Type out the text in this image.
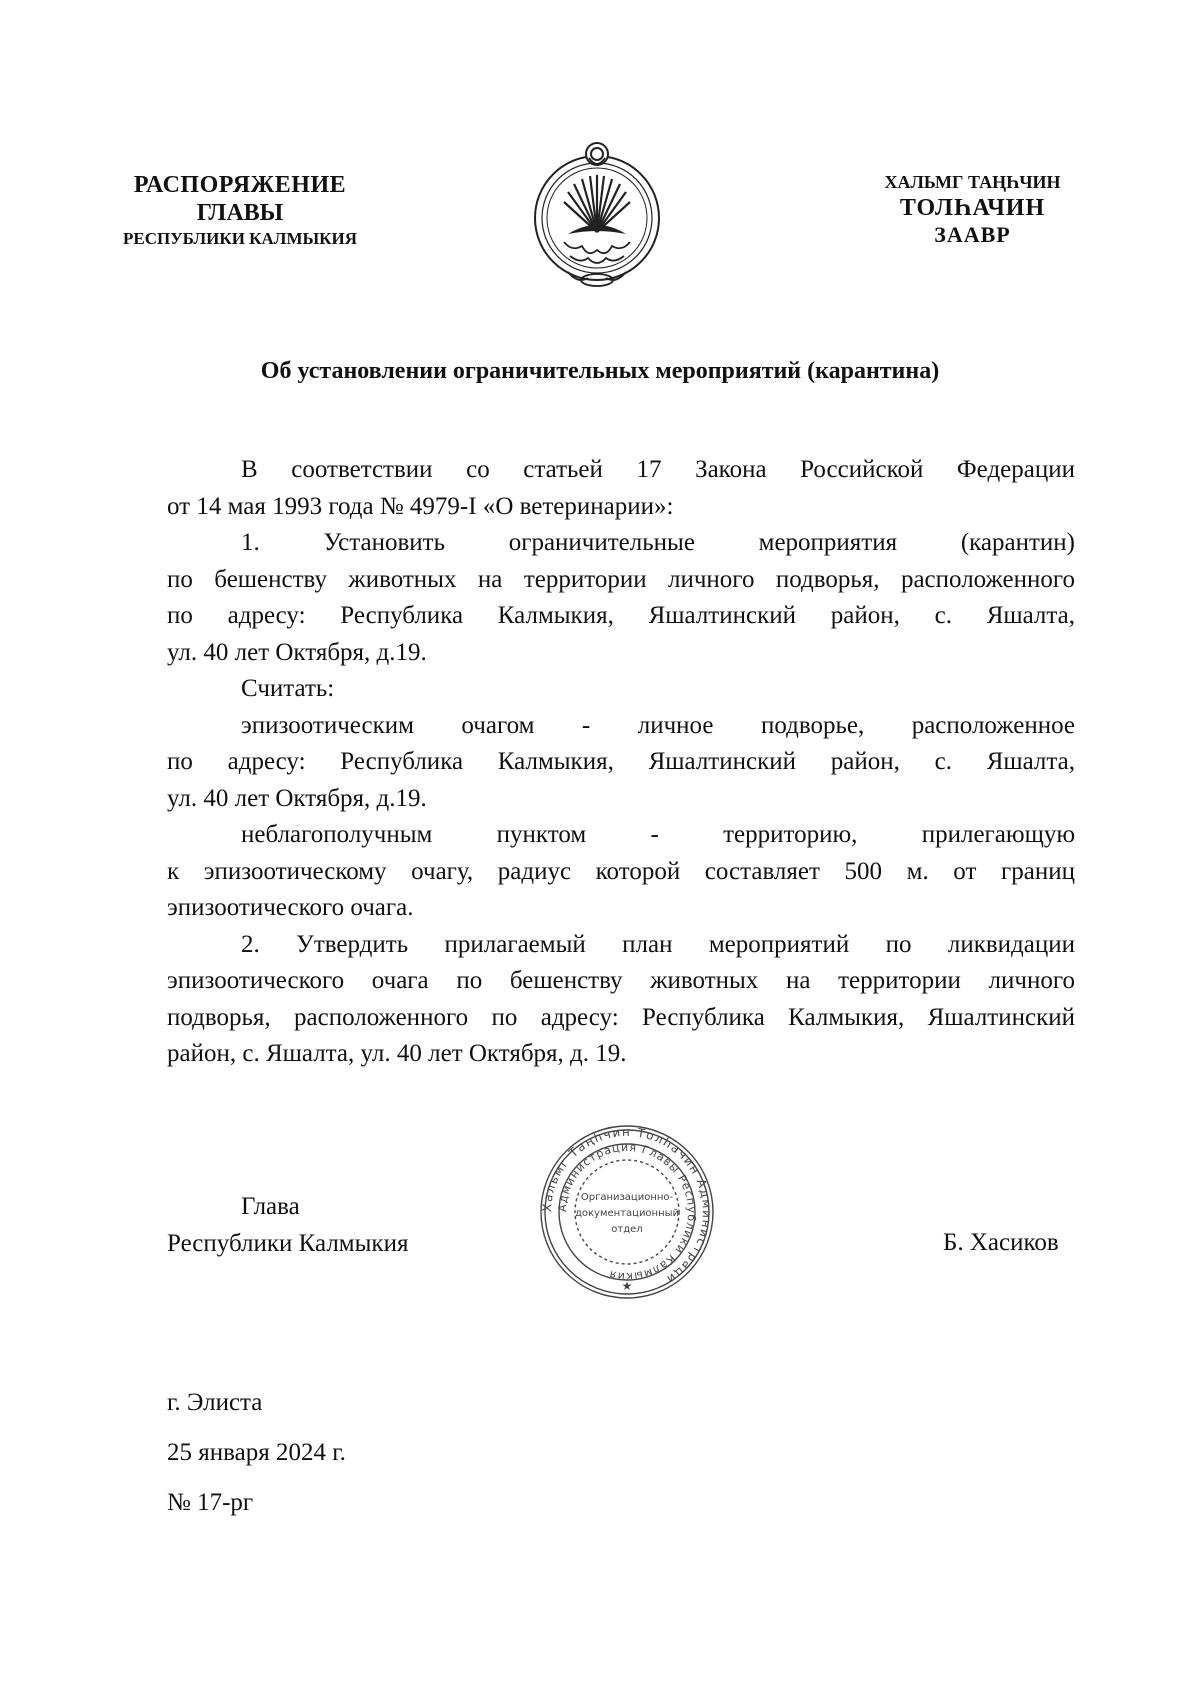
РАСПОРЯЖЕНИЕ
ГЛАВЫ
РЕСПУБЛИКИ КАЛМЫКИЯ
ХАЛЬМГ ТАҢҺЧИН
ТОЛҺАЧИН
ЗААВР
Об установлении ограничительных мероприятий (карантина)

В соответствии со статьей 17 Закона Российской Федерации

от 14 мая 1993 года № 4979-I «О ветеринарии»:

1. Установить ограничительные мероприятия (карантин)

по бешенству животных на территории личного подворья, расположенного

по адресу: Республика Калмыкия, Яшалтинский район, с. Яшалта,

ул. 40 лет Октября, д.19.

Считать:

эпизоотическим очагом - личное подворье, расположенное

по адресу: Республика Калмыкия, Яшалтинский район, с. Яшалта,

ул. 40 лет Октября, д.19.

неблагополучным пунктом - территорию, прилегающую

к эпизоотическому очагу, радиус которой составляет 500 м. от границ

эпизоотического очага.

2. Утвердить прилагаемый план мероприятий по ликвидации

эпизоотического очага по бешенству животных на территории личного

подворья, расположенного по адресу: Республика Калмыкия, Яшалтинский

район, с. Яшалта, ул. 40 лет Октября, д. 19.

Глава
Республики Калмыкия
Хальмг Таңһчин Толһачин Администраци
Администрация Главы Республики Калмыкия
Организационно-
документационный
отдел
★
Б. Хасиков
г. Элиста
25 января 2024 г.
№ 17-рг
